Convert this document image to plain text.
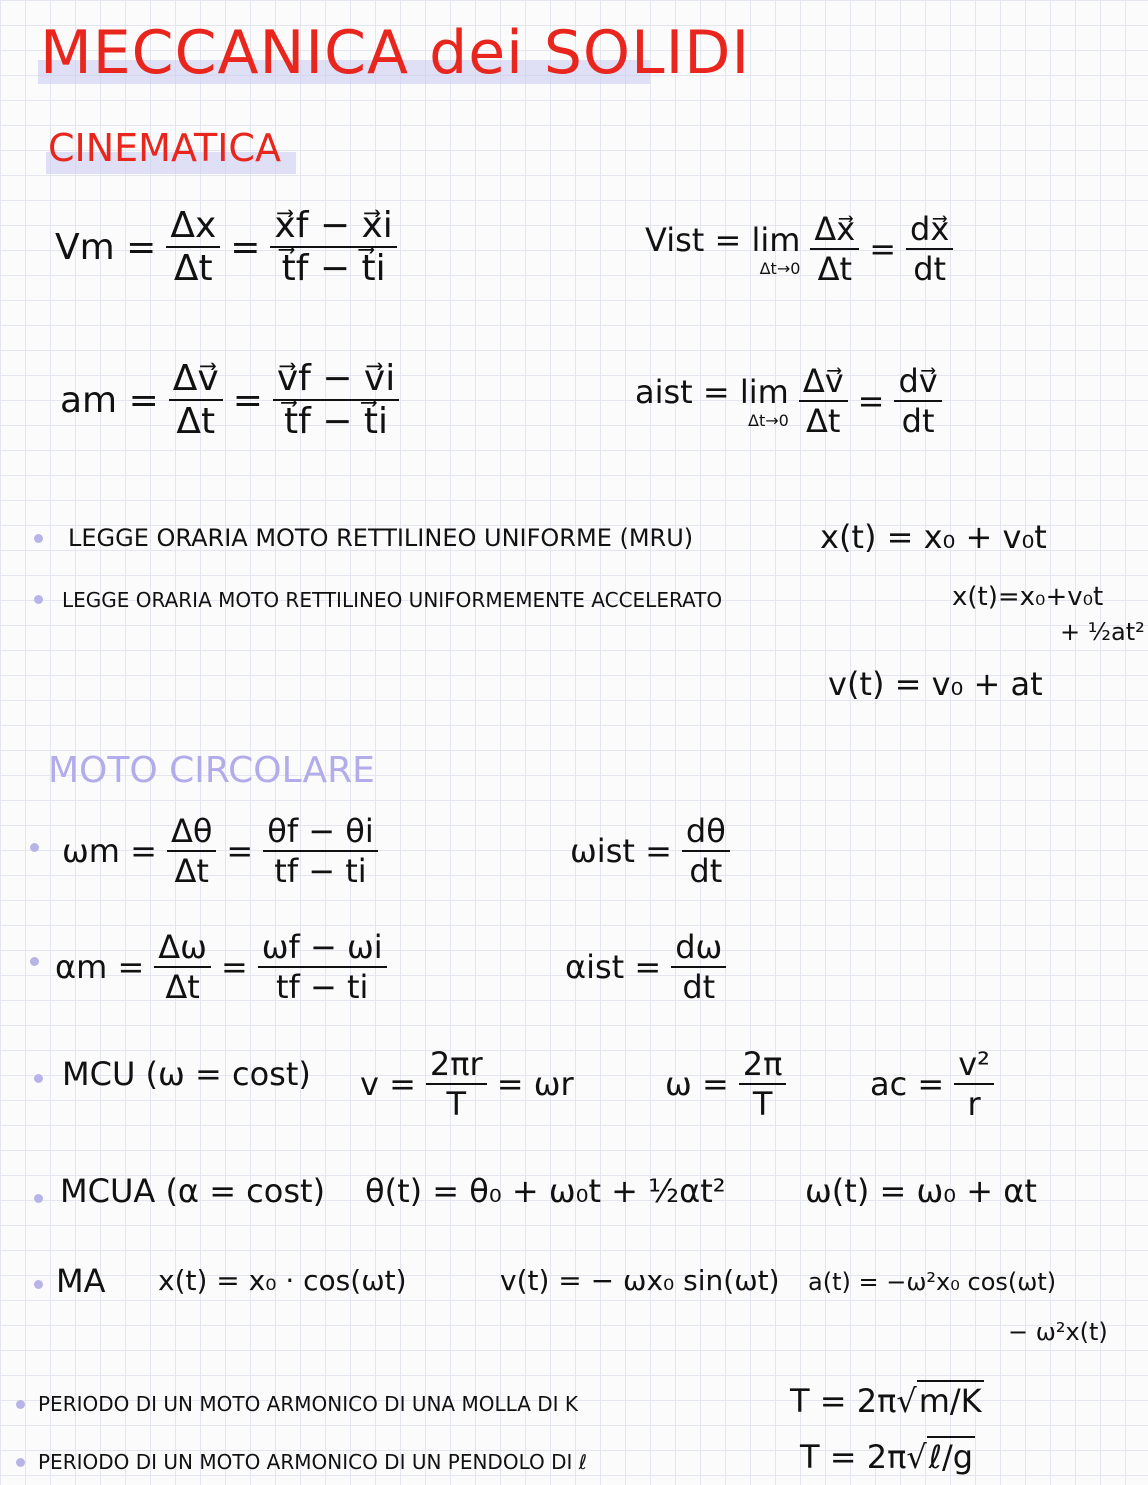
MECCANICA dei SOLIDI
CINEMATICA
$Vm = \frac{\Delta x}{\Delta t} = \frac{x⃗f - x⃗i}{t⃗f - t⃗i}$	Vist = lim
$\Delta t\to 0 \frac{\Delta x⃗}{\Delta t} = \frac{dx⃗}{dt}$
am = $\frac{\Delta v⃗}{\Delta t} = \frac{v⃗f - v⃗i}{t⃗f - t⃗i}$	aist = lim
$\Delta t\to 0 \frac{\Delta v⃗}{\Delta t} = \frac{dv⃗}{dt}$
LEGGE ORARIA MOTO RETTILINEO UNIFORME (MRU)	x(t) = x₀ + v₀t
LEGGE ORARIA MOTO RETTILINEO UNIFORMEMENTE ACCELERATO	x(t)=x₀+v₀t
+ ½at²
v(t) = v₀ + at
MOTO CIRCOLARE
$\omega m = \frac{\Delta\theta}{\Delta t} = \frac{\theta f - \theta i}{tf - ti}$	$\omega ist = \frac{d\theta}{dt}$
$\alpha m = \frac{\Delta\omega}{\Delta t} = \frac{\omega f - \omega i}{tf - ti}$	$\alpha ist = \frac{d\omega}{dt}$
MCU (ω = cost) $v = \frac{2\pi r}{T} = \omega r$	$\omega = \frac{2\pi}{T}$	ac = $\frac{\text{v²}}{r}$
MCUA (α = cost) θ(t) = θ₀ + ω₀t + ½αt² ω(t) = ω₀ + αt
MA x(t) = x₀ · cos(ωt)	v(t) = − ωx₀ sin(ωt) a(t) = −ω²x₀ cos(ωt)
− ω²x(t)
PERIODO DI UN MOTO ARMONICO DI UNA MOLLA DI K	T = 2π√m/K
PERIODO DI UN MOTO ARMONICO DI UN PENDOLO DI ℓ	T = 2π√ℓ/g
